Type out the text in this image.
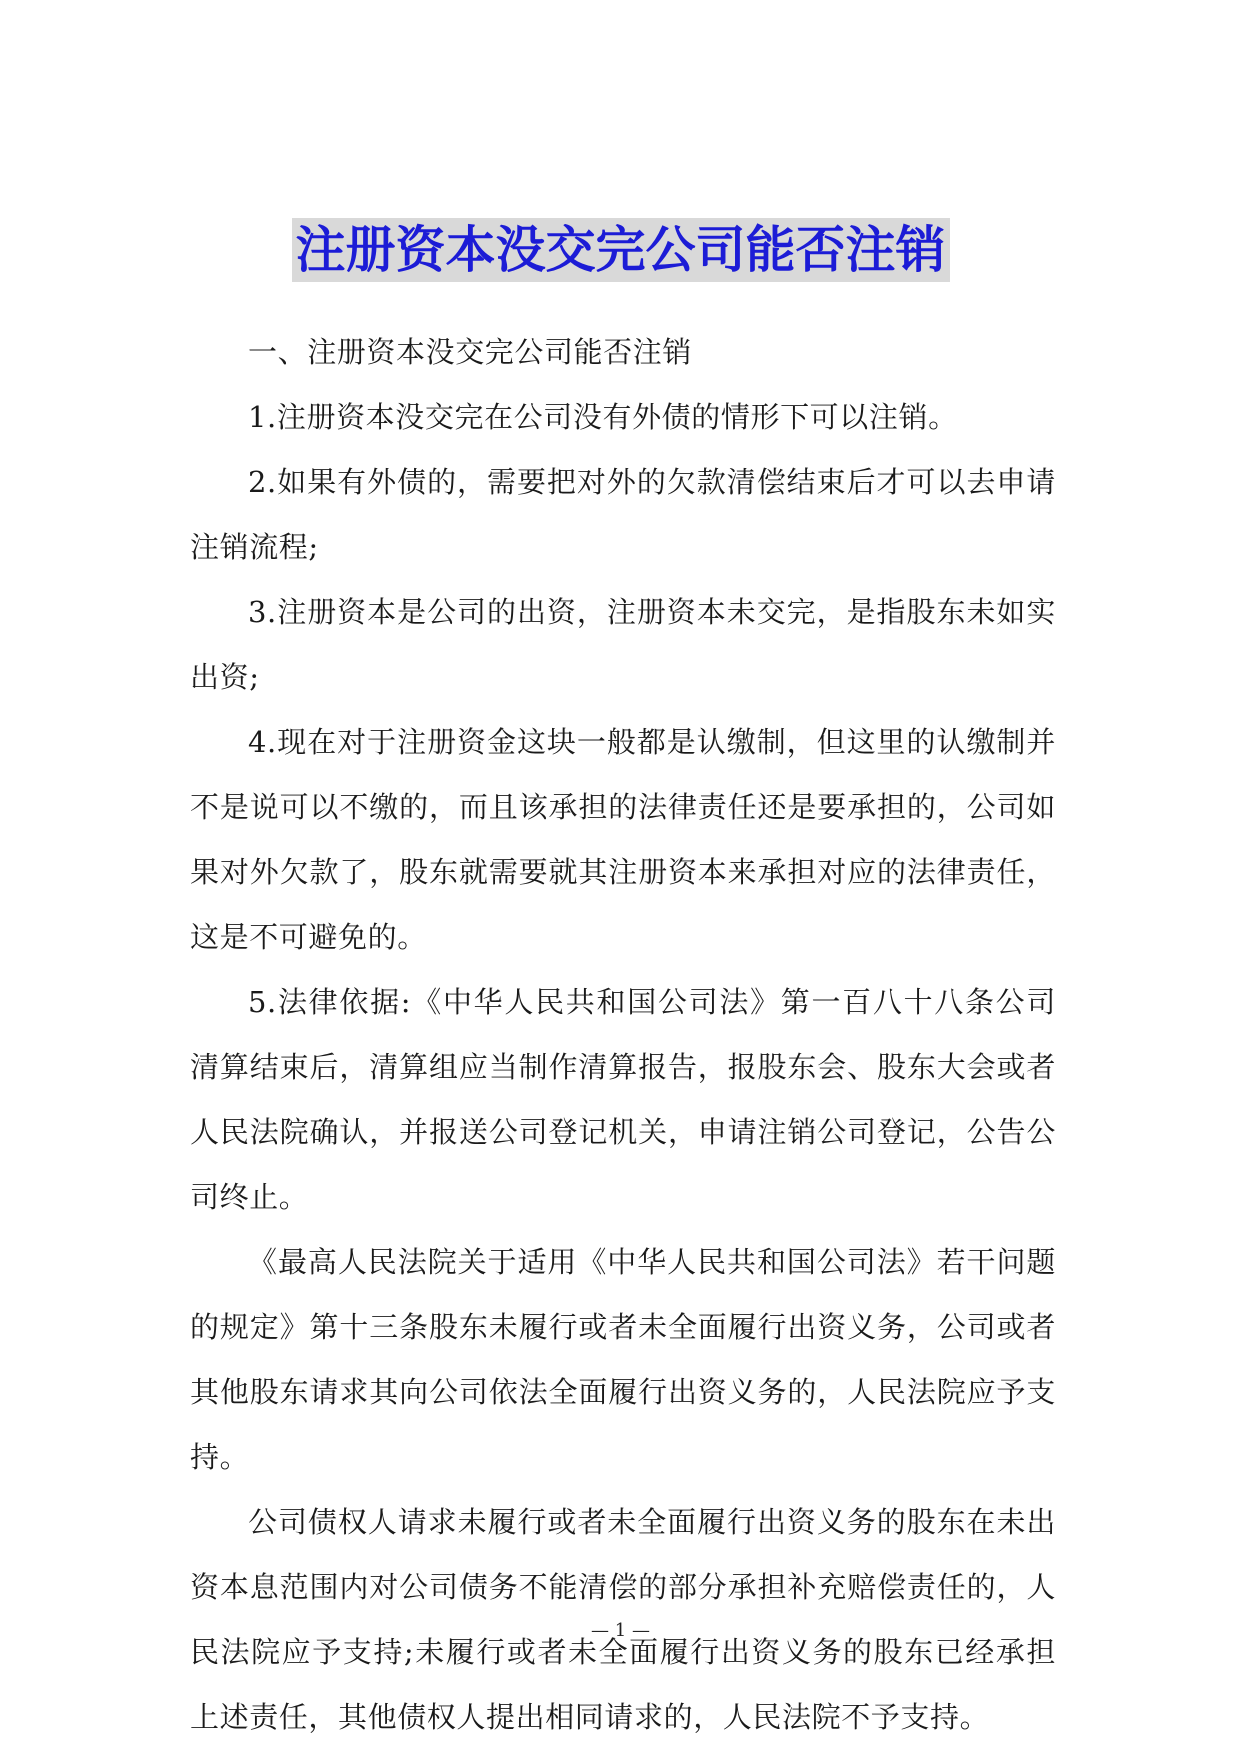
注册资本没交完公司能否注销

一、注册资本没交完公司能否注销

1.注册资本没交完在公司没有外债的情形下可以注销。

2.如果有外债的，需要把对外的欠款清偿结束后才可以去申请注销流程;

3.注册资本是公司的出资，注册资本未交完，是指股东未如实出资;

4.现在对于注册资金这块一般都是认缴制，但这里的认缴制并不是说可以不缴的，而且该承担的法律责任还是要承担的，公司如果对外欠款了，股东就需要就其注册资本来承担对应的法律责任，这是不可避免的。

5.法律依据:《中华人民共和国公司法》第一百八十八条公司清算结束后，清算组应当制作清算报告，报股东会、股东大会或者人民法院确认，并报送公司登记机关，申请注销公司登记，公告公司终止。

《最高人民法院关于适用《中华人民共和国公司法》若干问题的规定》第十三条股东未履行或者未全面履行出资义务，公司或者其他股东请求其向公司依法全面履行出资义务的，人民法院应予支持。

公司债权人请求未履行或者未全面履行出资义务的股东在未出资本息范围内对公司债务不能清偿的部分承担补充赔偿责任的，人民法院应予支持;未履行或者未全面履行出资义务的股东已经承担上述责任，其他债权人提出相同请求的，人民法院不予支持。

— 1 —
